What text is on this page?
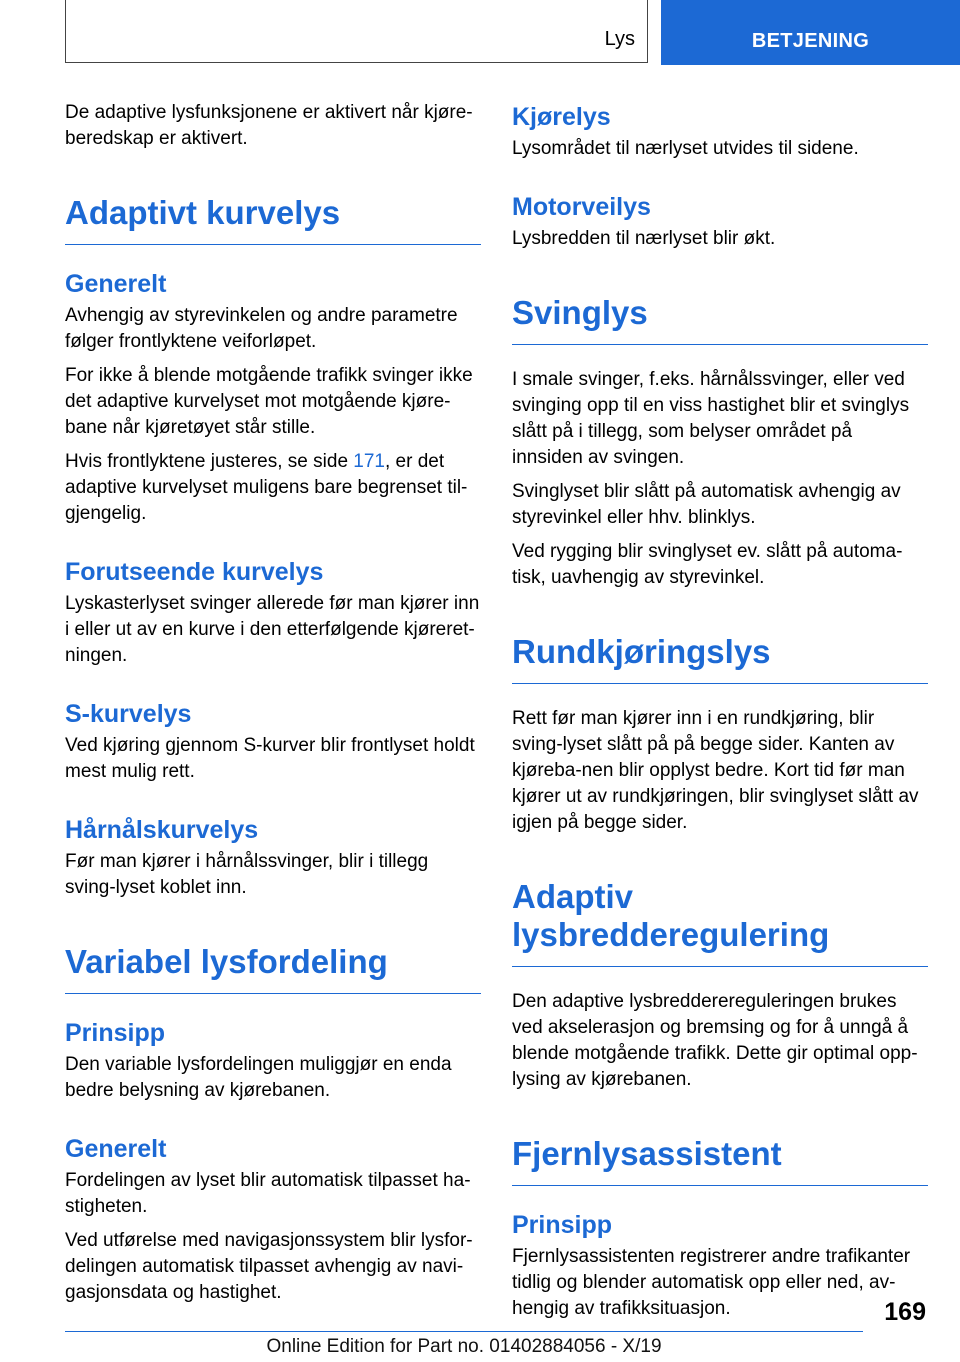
Lys	BETJENING

De adaptive lysfunksjonene er aktivert når kjøre-beredskap er aktivert.

Adaptivt kurvelys
Generelt

Avhengig av styrevinkelen og andre parametre følger frontlyktene veiforløpet.

For ikke å blende motgående trafikk svinger ikke det adaptive kurvelyset mot motgående kjøre-bane når kjøretøyet står stille.

Hvis frontlyktene justeres, se side 171, er det adaptive kurvelyset muligens bare begrenset til-gjengelig.

Forutseende kurvelys

Lyskasterlyset svinger allerede før man kjører inn i eller ut av en kurve i den etterfølgende kjøreret-ningen.

S-kurvelys

Ved kjøring gjennom S-kurver blir frontlyset holdt mest mulig rett.

Hårnålskurvelys

Før man kjører i hårnålssvinger, blir i tillegg sving-lyset koblet inn.

Variabel lysfordeling
Prinsipp

Den variable lysfordelingen muliggjør en enda bedre belysning av kjørebanen.

Generelt

Fordelingen av lyset blir automatisk tilpasset ha-stigheten.

Ved utførelse med navigasjonssystem blir lysfor-delingen automatisk tilpasset avhengig av navi-gasjonsdata og hastighet.

Kjørelys

Lysområdet til nærlyset utvides til sidene.

Motorveilys

Lysbredden til nærlyset blir økt.

Svinglys

I smale svinger, f.eks. hårnålssvinger, eller ved svinging opp til en viss hastighet blir et svinglys slått på i tillegg, som belyser området på innsiden av svingen.

Svinglyset blir slått på automatisk avhengig av styrevinkel eller hhv. blinklys.

Ved rygging blir svinglyset ev. slått på automa-tisk, uavhengig av styrevinkel.

Rundkjøringslys

Rett før man kjører inn i en rundkjøring, blir sving-lyset slått på på begge sider. Kanten av kjøreba-nen blir opplyst bedre. Kort tid før man kjører ut av rundkjøringen, blir svinglyset slått av igjen på begge sider.

Adaptiv lysbredderegulering

Den adaptive lysbredderereguleringen brukes ved akselerasjon og bremsing og for å unngå å blende motgående trafikk. Dette gir optimal opp-lysing av kjørebanen.

Fjernlysassistent
Prinsipp

Fjernlysassistenten registrerer andre trafikanter tidlig og blender automatisk opp eller ned, av-hengig av trafikksituasjon.	169
Online Edition for Part no. 01402884056 - X/19
